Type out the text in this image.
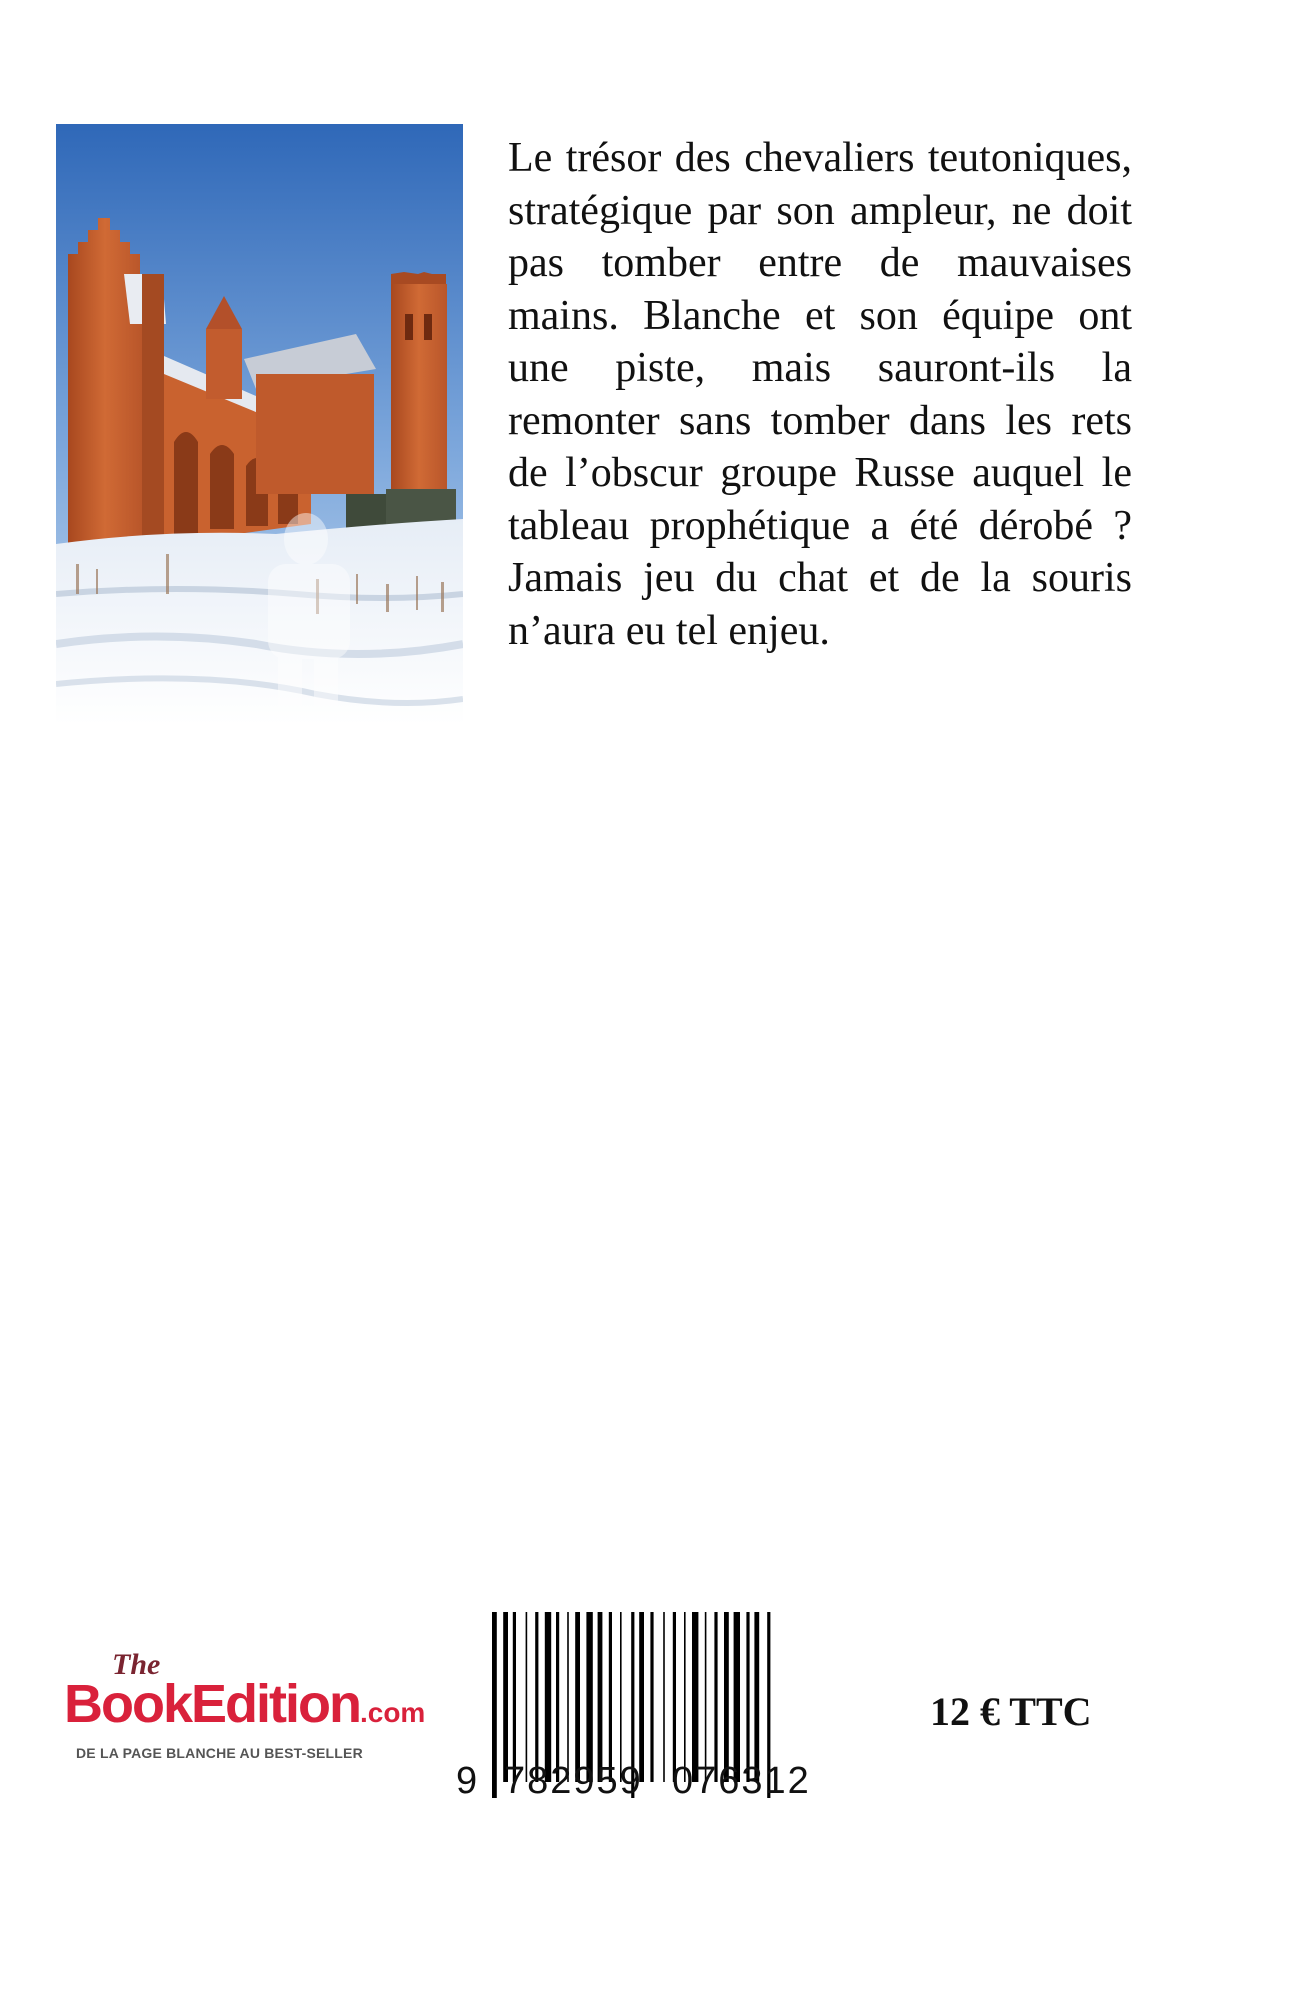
Le trésor des chevaliers teutoniques, stratégique par son ampleur, ne doit pas tomber entre de mauvaises mains. Blanche et son équipe ont une piste, mais sauront-ils la remonter sans tomber dans les rets de l’obscur groupe Russe auquel le tableau prophétique a été dérobé ? Jamais jeu du chat et de la souris n’aura eu tel enjeu.

The
BookEdition.com
DE LA PAGE BLANCHE AU BEST-SELLER
9 782959 076312
12 € TTC
